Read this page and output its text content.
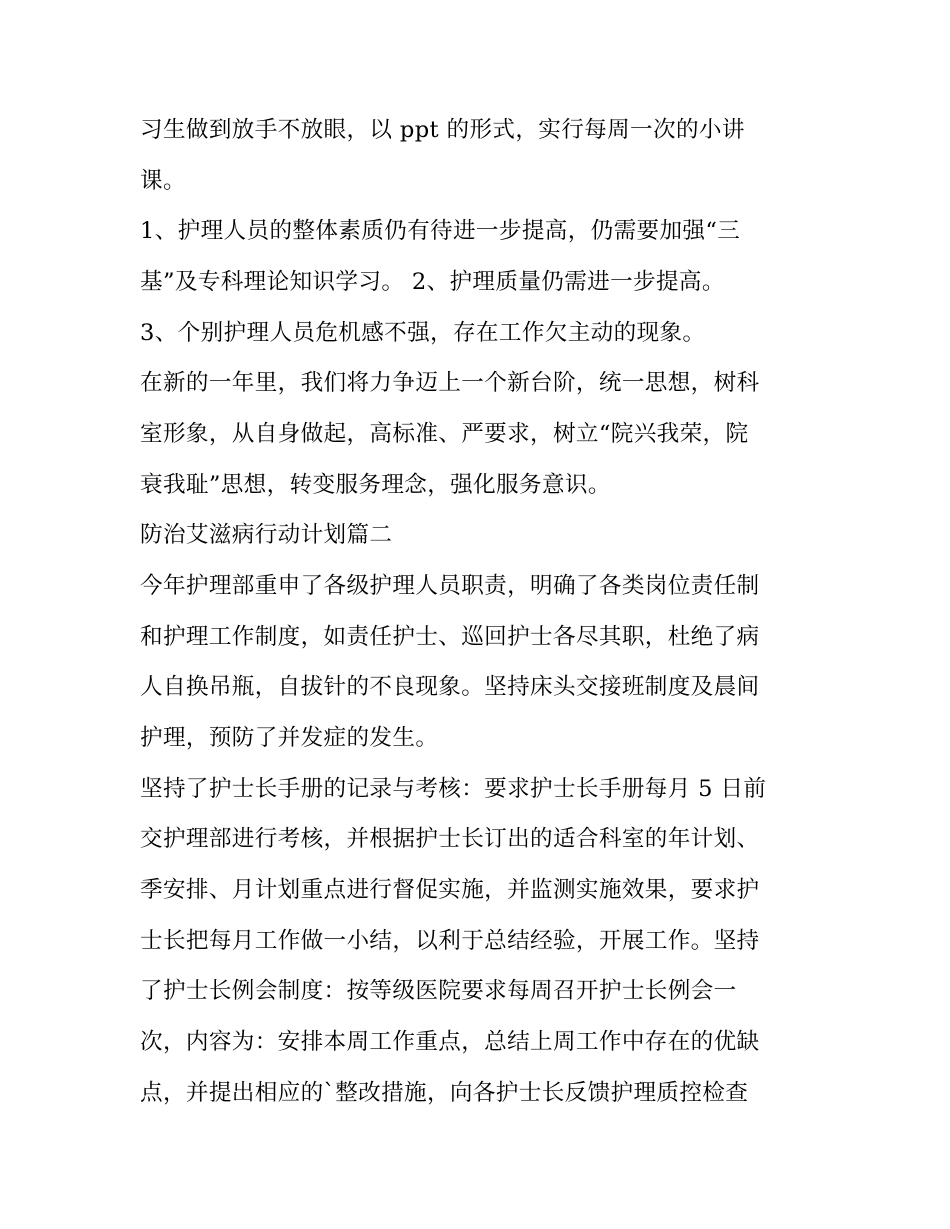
习生做到放手不放眼，以 ppt 的形式，实行每周一次的小讲
课。
1、护理人员的整体素质仍有待进一步提高，仍需要加强“三
基”及专科理论知识学习。 2、护理质量仍需进一步提高。
3、个别护理人员危机感不强，存在工作欠主动的现象。
在新的一年里，我们将力争迈上一个新台阶，统一思想，树科
室形象，从自身做起，高标准、严要求，树立“院兴我荣，院
衰我耻”思想，转变服务理念，强化服务意识。
防治艾滋病行动计划篇二
今年护理部重申了各级护理人员职责，明确了各类岗位责任制
和护理工作制度，如责任护士、巡回护士各尽其职，杜绝了病
人自换吊瓶，自拔针的不良现象。坚持床头交接班制度及晨间
护理，预防了并发症的发生。
坚持了护士长手册的记录与考核：要求护士长手册每月 5 日前
交护理部进行考核，并根据护士长订出的适合科室的年计划、
季安排、月计划重点进行督促实施，并监测实施效果，要求护
士长把每月工作做一小结，以利于总结经验，开展工作。坚持
了护士长例会制度：按等级医院要求每周召开护士长例会一
次，内容为：安排本周工作重点，总结上周工作中存在的优缺
点，并提出相应的`整改措施，向各护士长反馈护理质控检查
